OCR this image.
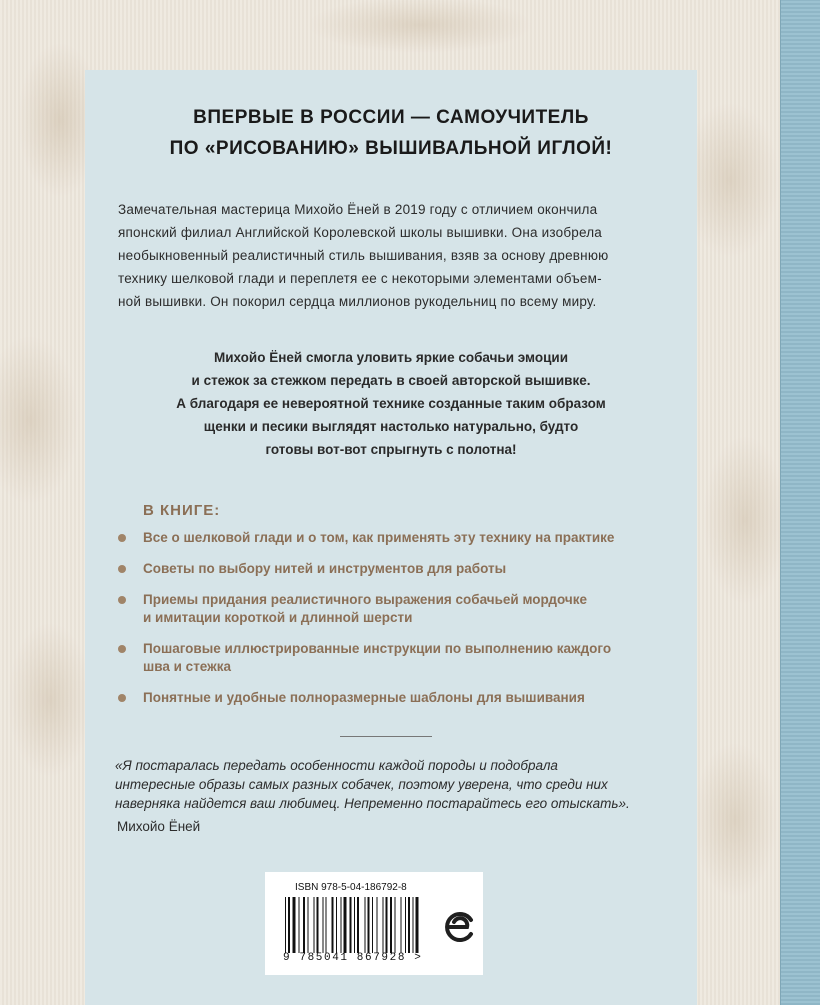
ВПЕРВЫЕ В РОССИИ — САМОУЧИТЕЛЬ
ПО «РИСОВАНИЮ» ВЫШИВАЛЬНОЙ ИГЛОЙ!
Замечательная мастерица Михойо Ёней в 2019 году с отличием окончила
японский филиал Английской Королевской школы вышивки. Она изобрела
необыкновенный реалистичный стиль вышивания, взяв за основу древнюю
технику шелковой глади и переплетя ее с некоторыми элементами объем-
ной вышивки. Он покорил сердца миллионов рукодельниц по всему миру.
Михойо Ёней смогла уловить яркие собачьи эмоции
и стежок за стежком передать в своей авторской вышивке.
А благодаря ее невероятной технике созданные таким образом
щенки и песики выглядят настолько натурально, будто
готовы вот-вот спрыгнуть с полотна!
В КНИГЕ:
Все о шелковой глади и о том, как применять эту технику на практике
Советы по выбору нитей и инструментов для работы
Приемы придания реалистичного выражения собачьей мордочке
и имитации короткой и длинной шерсти
Пошаговые иллюстрированные инструкции по выполнению каждого
шва и стежка
Понятные и удобные полноразмерные шаблоны для вышивания
«Я постаралась передать особенности каждой породы и подобрала
интересные образы самых разных собачек, поэтому уверена, что среди них
наверняка найдется ваш любимец. Непременно постарайтесь его отыскать».
Михойо Ёней
ISBN 978-5-04-186792-8
9 785041 867928 >
